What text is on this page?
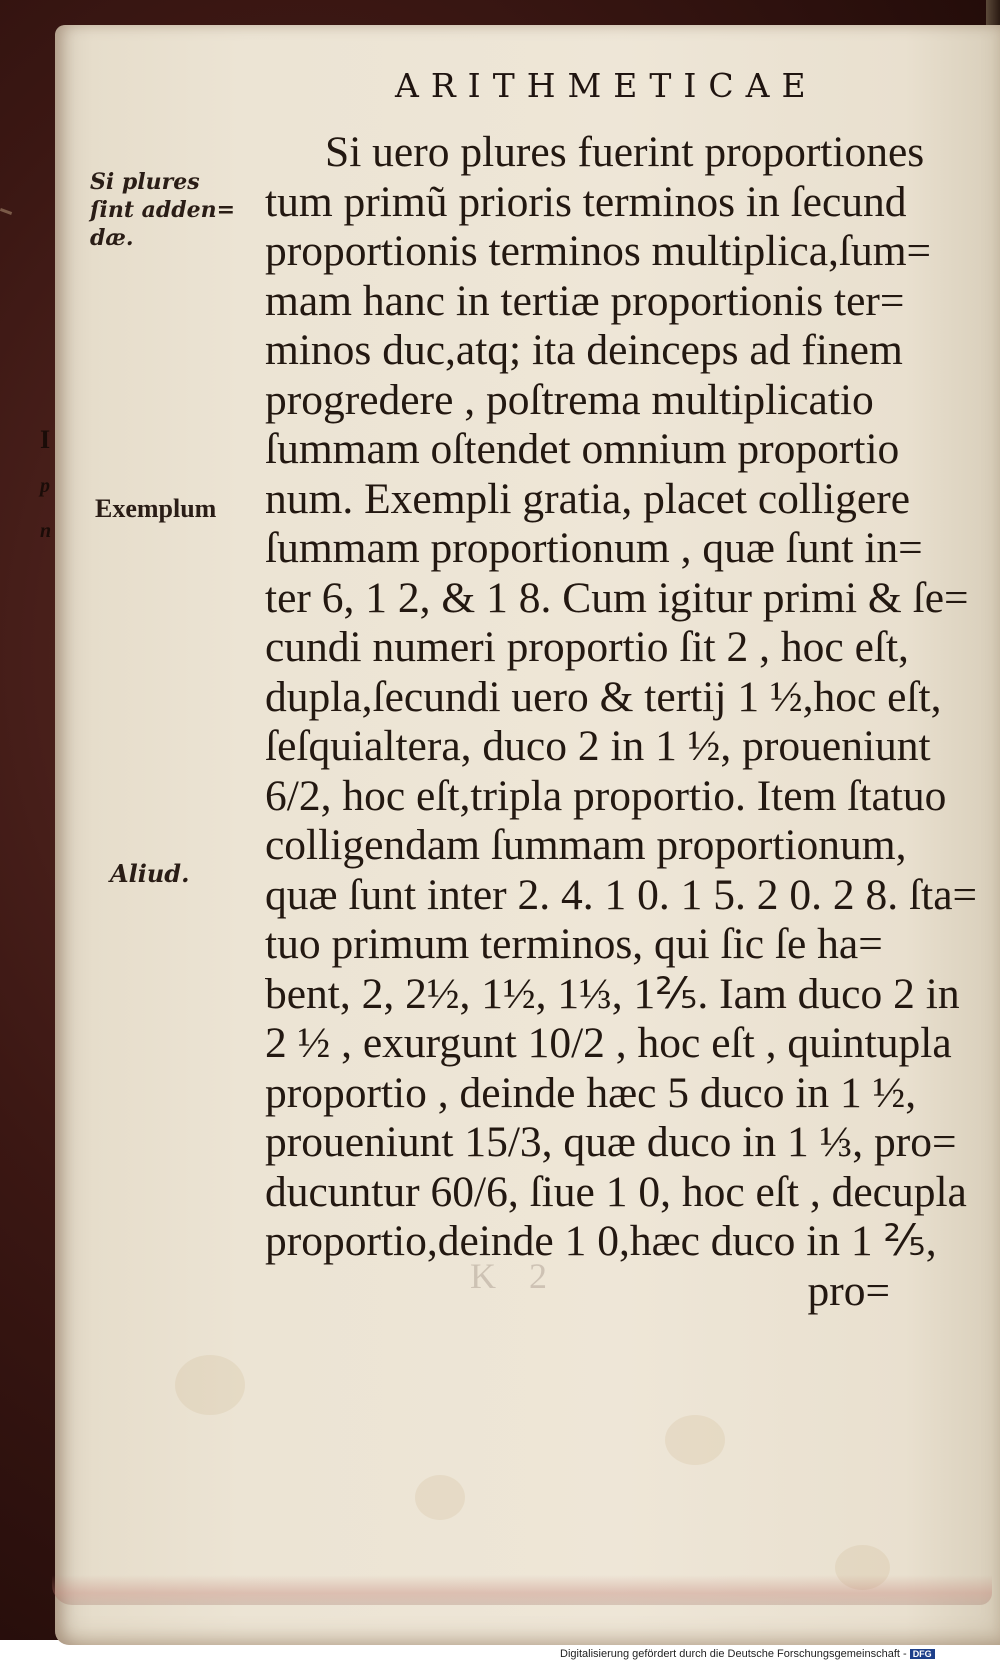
I
p
n
ARITHMETICAE
Si plures
ſint adden=
dæ.
Exemplum
Aliud.
Si uero plures fuerint proportiones
tum primũ prioris terminos in ſecund
proportionis terminos multiplica,ſum=
mam hanc in tertiæ proportionis ter=
minos duc,atq; ita deinceps ad finem
progredere , poſtrema multiplicatio
ſummam oſtendet omnium proportio
num. Exempli gratia, placet colligere
ſummam proportionum , quæ ſunt in=
ter 6, 1 2, & 1 8. Cum igitur primi & ſe=
cundi numeri proportio ſit 2 , hoc eſt,
dupla,ſecundi uero & tertij 1 ½,hoc eſt,
ſeſquialtera, duco 2 in 1 ½, proueniunt
6/2, hoc eſt,tripla proportio. Item ſtatuo
colligendam ſummam proportionum,
quæ ſunt inter 2. 4. 1 0. 1 5. 2 0. 2 8. ſta=
tuo primum terminos, qui ſic ſe ha=
bent, 2, 2½, 1½, 1⅓, 1⅖. Iam duco 2 in
2 ½ , exurgunt 10/2 , hoc eſt , quintupla
proportio , deinde hæc 5 duco in 1 ½,
proueniunt 15/3, quæ duco in 1 ⅓, pro=
ducuntur 60/6, ſiue 1 0, hoc eſt , decupla
proportio,deinde 1 0,hæc duco in 1 ⅖,
pro=
K 2
Digitalisierung gefördert durch die Deutsche Forschungsgemeinschaft - DFG
